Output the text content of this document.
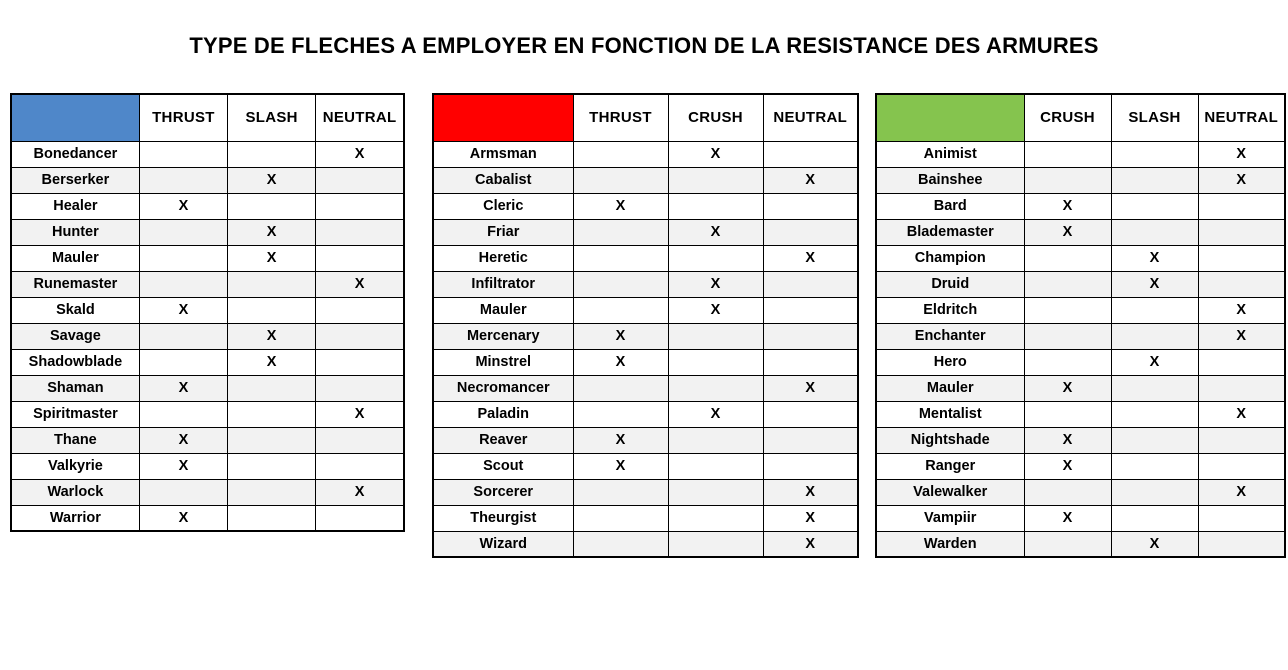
TYPE DE FLECHES A EMPLOYER EN FONCTION DE LA RESISTANCE DES ARMURES
	THRUST	SLASH	NEUTRAL
Bonedancer			X
Berserker		X	
Healer	X		
Hunter		X	
Mauler		X	
Runemaster			X
Skald	X		
Savage		X	
Shadowblade		X	
Shaman	X		
Spiritmaster			X
Thane	X		
Valkyrie	X		
Warlock			X
Warrior	X		
	THRUST	CRUSH	NEUTRAL
Armsman		X	
Cabalist			X
Cleric	X		
Friar		X	
Heretic			X
Infiltrator		X	
Mauler		X	
Mercenary	X		
Minstrel	X		
Necromancer			X
Paladin		X	
Reaver	X		
Scout	X		
Sorcerer			X
Theurgist			X
Wizard			X
	CRUSH	SLASH	NEUTRAL
Animist			X
Bainshee			X
Bard	X		
Blademaster	X		
Champion		X	
Druid		X	
Eldritch			X
Enchanter			X
Hero		X	
Mauler	X		
Mentalist			X
Nightshade	X		
Ranger	X		
Valewalker			X
Vampiir	X		
Warden		X	
